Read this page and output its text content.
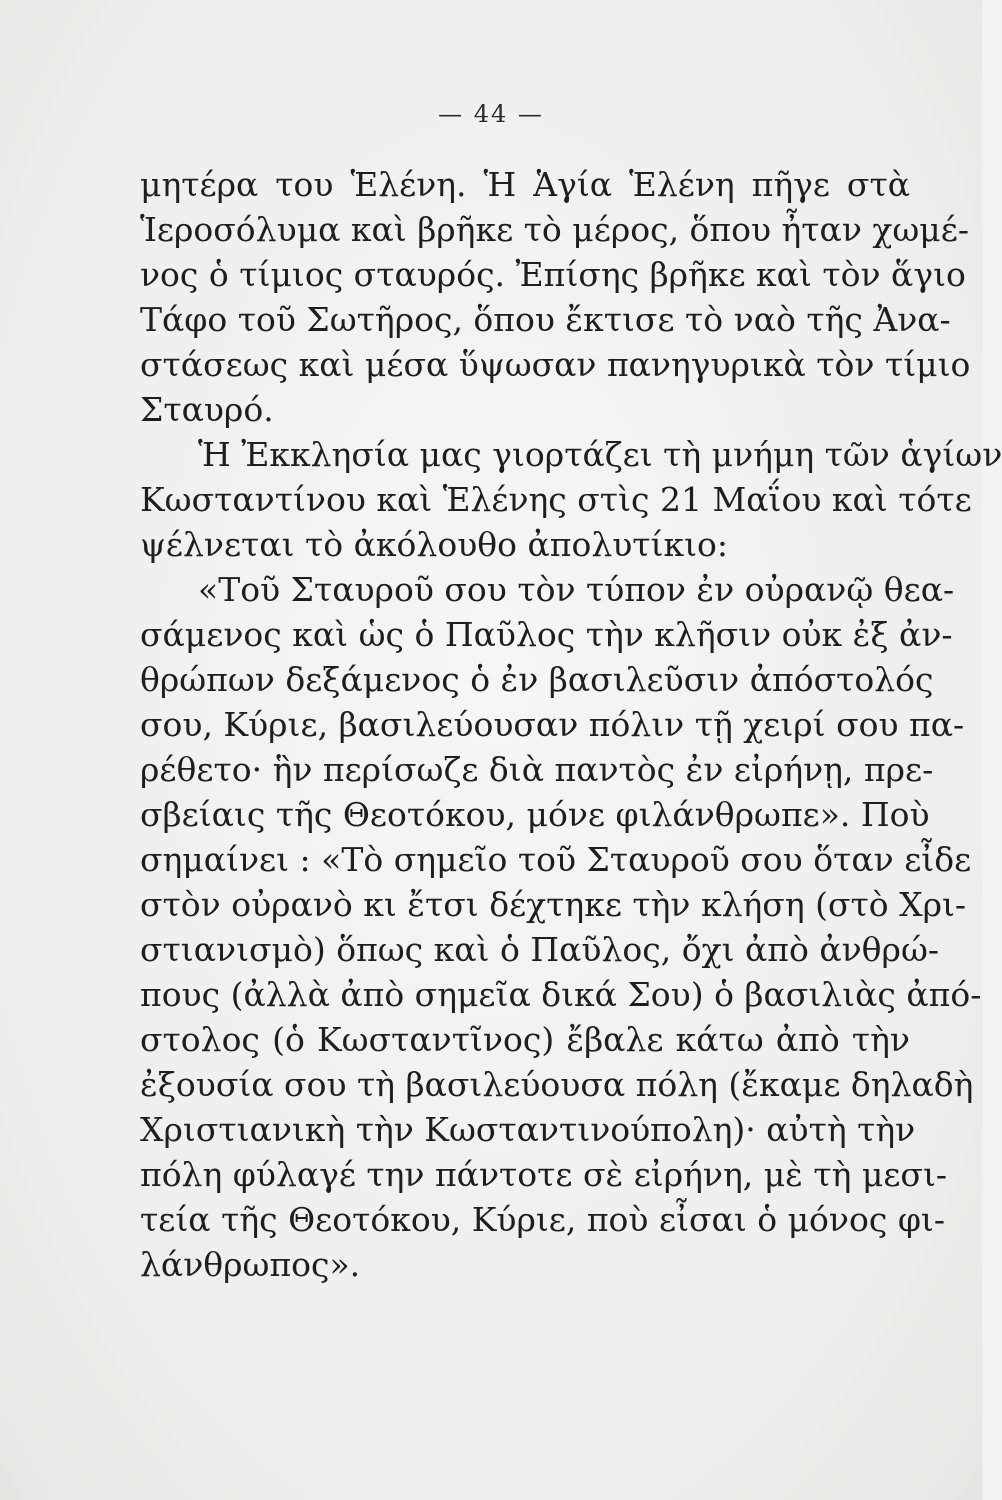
— 44 —
μητέρα του Ἑλένη. Ἡ Ἁγία Ἑλένη πῆγε στὰ
Ἱεροσόλυμα καὶ βρῆκε τὸ μέρος, ὅπου ἦταν χωμέ-
νος ὁ τίμιος σταυρός. Ἐπίσης βρῆκε καὶ τὸν ἅγιο
Τάφο τοῦ Σωτῆρος, ὅπου ἔκτισε τὸ ναὸ τῆς Ἀνα-
στάσεως καὶ μέσα ὕψωσαν πανηγυρικὰ τὸν τίμιο
Σταυρό.
Ἡ Ἐκκλησία μας γιορτάζει τὴ μνήμη τῶν ἁγίων
Κωσταντίνου καὶ Ἑλένης στὶς 21 Μαΐου καὶ τότε
ψέλνεται τὸ ἀκόλουθο ἀπολυτίκιο:
«Τοῦ Σταυροῦ σου τὸν τύπον ἐν οὐρανῷ θεα-
σάμενος καὶ ὡς ὁ Παῦλος τὴν κλῆσιν οὐκ ἐξ ἀν-
θρώπων δεξάμενος ὁ ἐν βασιλεῦσιν ἀπόστολός
σου, Κύριε, βασιλεύουσαν πόλιν τῇ χειρί σου πα-
ρέθετο· ἣν περίσωζε διὰ παντὸς ἐν εἰρήνῃ, πρε-
σβείαις τῆς Θεοτόκου, μόνε φιλάνθρωπε». Ποὺ
σημαίνει : «Τὸ σημεῖο τοῦ Σταυροῦ σου ὅταν εἶδε
στὸν οὐρανὸ κι ἔτσι δέχτηκε τὴν κλήση (στὸ Χρι-
στιανισμὸ) ὅπως καὶ ὁ Παῦλος, ὄχι ἀπὸ ἀνθρώ-
πους (ἀλλὰ ἀπὸ σημεῖα δικά Σου) ὁ βασιλιὰς ἀπό-
στολος (ὁ Κωσταντῖνος) ἔβαλε κάτω ἀπὸ τὴν
ἐξουσία σου τὴ βασιλεύουσα πόλη (ἔκαμε δηλαδὴ
Χριστιανικὴ τὴν Κωσταντινούπολη)· αὐτὴ τὴν
πόλη φύλαγέ την πάντοτε σὲ εἰρήνη, μὲ τὴ μεσι-
τεία τῆς Θεοτόκου, Κύριε, ποὺ εἶσαι ὁ μόνος φι-
λάνθρωπος».
